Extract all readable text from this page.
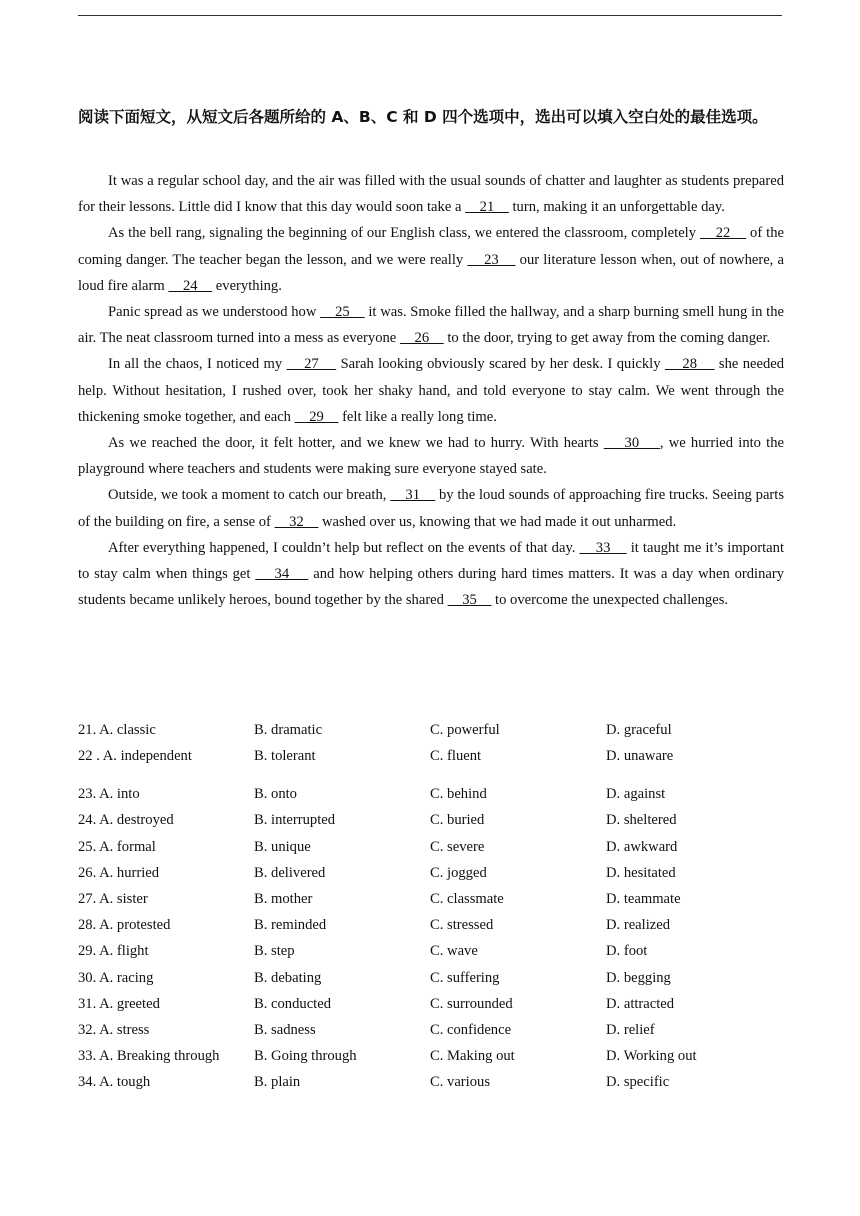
阅读下面短文，从短文后各题所给的 A、B、C 和 D 四个选项中，选出可以填入空白处的最佳选项。

It was a regular school day, and the air was filled with the usual sounds of chatter and laughter as students prepared for their lessons. Little did I know that this day would soon take a     21     turn, making it an unforgettable day.

As the bell rang, signaling the beginning of our English class, we entered the classroom, completely     22     of the coming danger. The teacher began the lesson, and we were really     23     our literature lesson when, out of nowhere, a loud fire alarm     24     everything.

Panic spread as we understood how     25     it was. Smoke filled the hallway, and a sharp burning smell hung in the air. The neat classroom turned into a mess as everyone     26     to the door, trying to get away from the coming danger.

In all the chaos, I noticed my     27     Sarah looking obviously scared by her desk. I quickly     28     she needed help. Without hesitation, I rushed over, took her shaky hand, and told everyone to stay calm. We went through the thickening smoke together, and each     29     felt like a really long time.

As we reached the door, it felt hotter, and we knew we had to hurry. With hearts     30    , we hurried into the playground where teachers and students were making sure everyone stayed sate.

Outside, we took a moment to catch our breath,     31     by the loud sounds of approaching fire trucks. Seeing parts of the building on fire, a sense of     32     washed over us, knowing that we had made it out unharmed.

After everything happened, I couldn’t help but reflect on the events of that day.     33     it taught me it’s important to stay calm when things get     34     and how helping others during hard times matters. It was a day when ordinary students became unlikely heroes, bound together by the shared     35     to overcome the unexpected challenges.

21. A. classic	B. dramatic	C. powerful	D. graceful
22 . A. independent	B. tolerant	C. fluent	D. unaware
23. A. into	B. onto	C. behind	D. against
24. A. destroyed	B. interrupted	C. buried	D. sheltered
25. A. formal	B. unique	C. severe	D. awkward
26. A. hurried	B. delivered	C. jogged	D. hesitated
27. A. sister	B. mother	C. classmate	D. teammate
28. A. protested	B. reminded	C. stressed	D. realized
29. A. flight	B. step	C. wave	D. foot
30. A. racing	B. debating	C. suffering	D. begging
31. A. greeted	B. conducted	C. surrounded	D. attracted
32. A. stress	B. sadness	C. confidence	D. relief
33. A. Breaking through	B. Going through	C. Making out	D. Working out
34. A. tough	B. plain	C. various	D. specific
